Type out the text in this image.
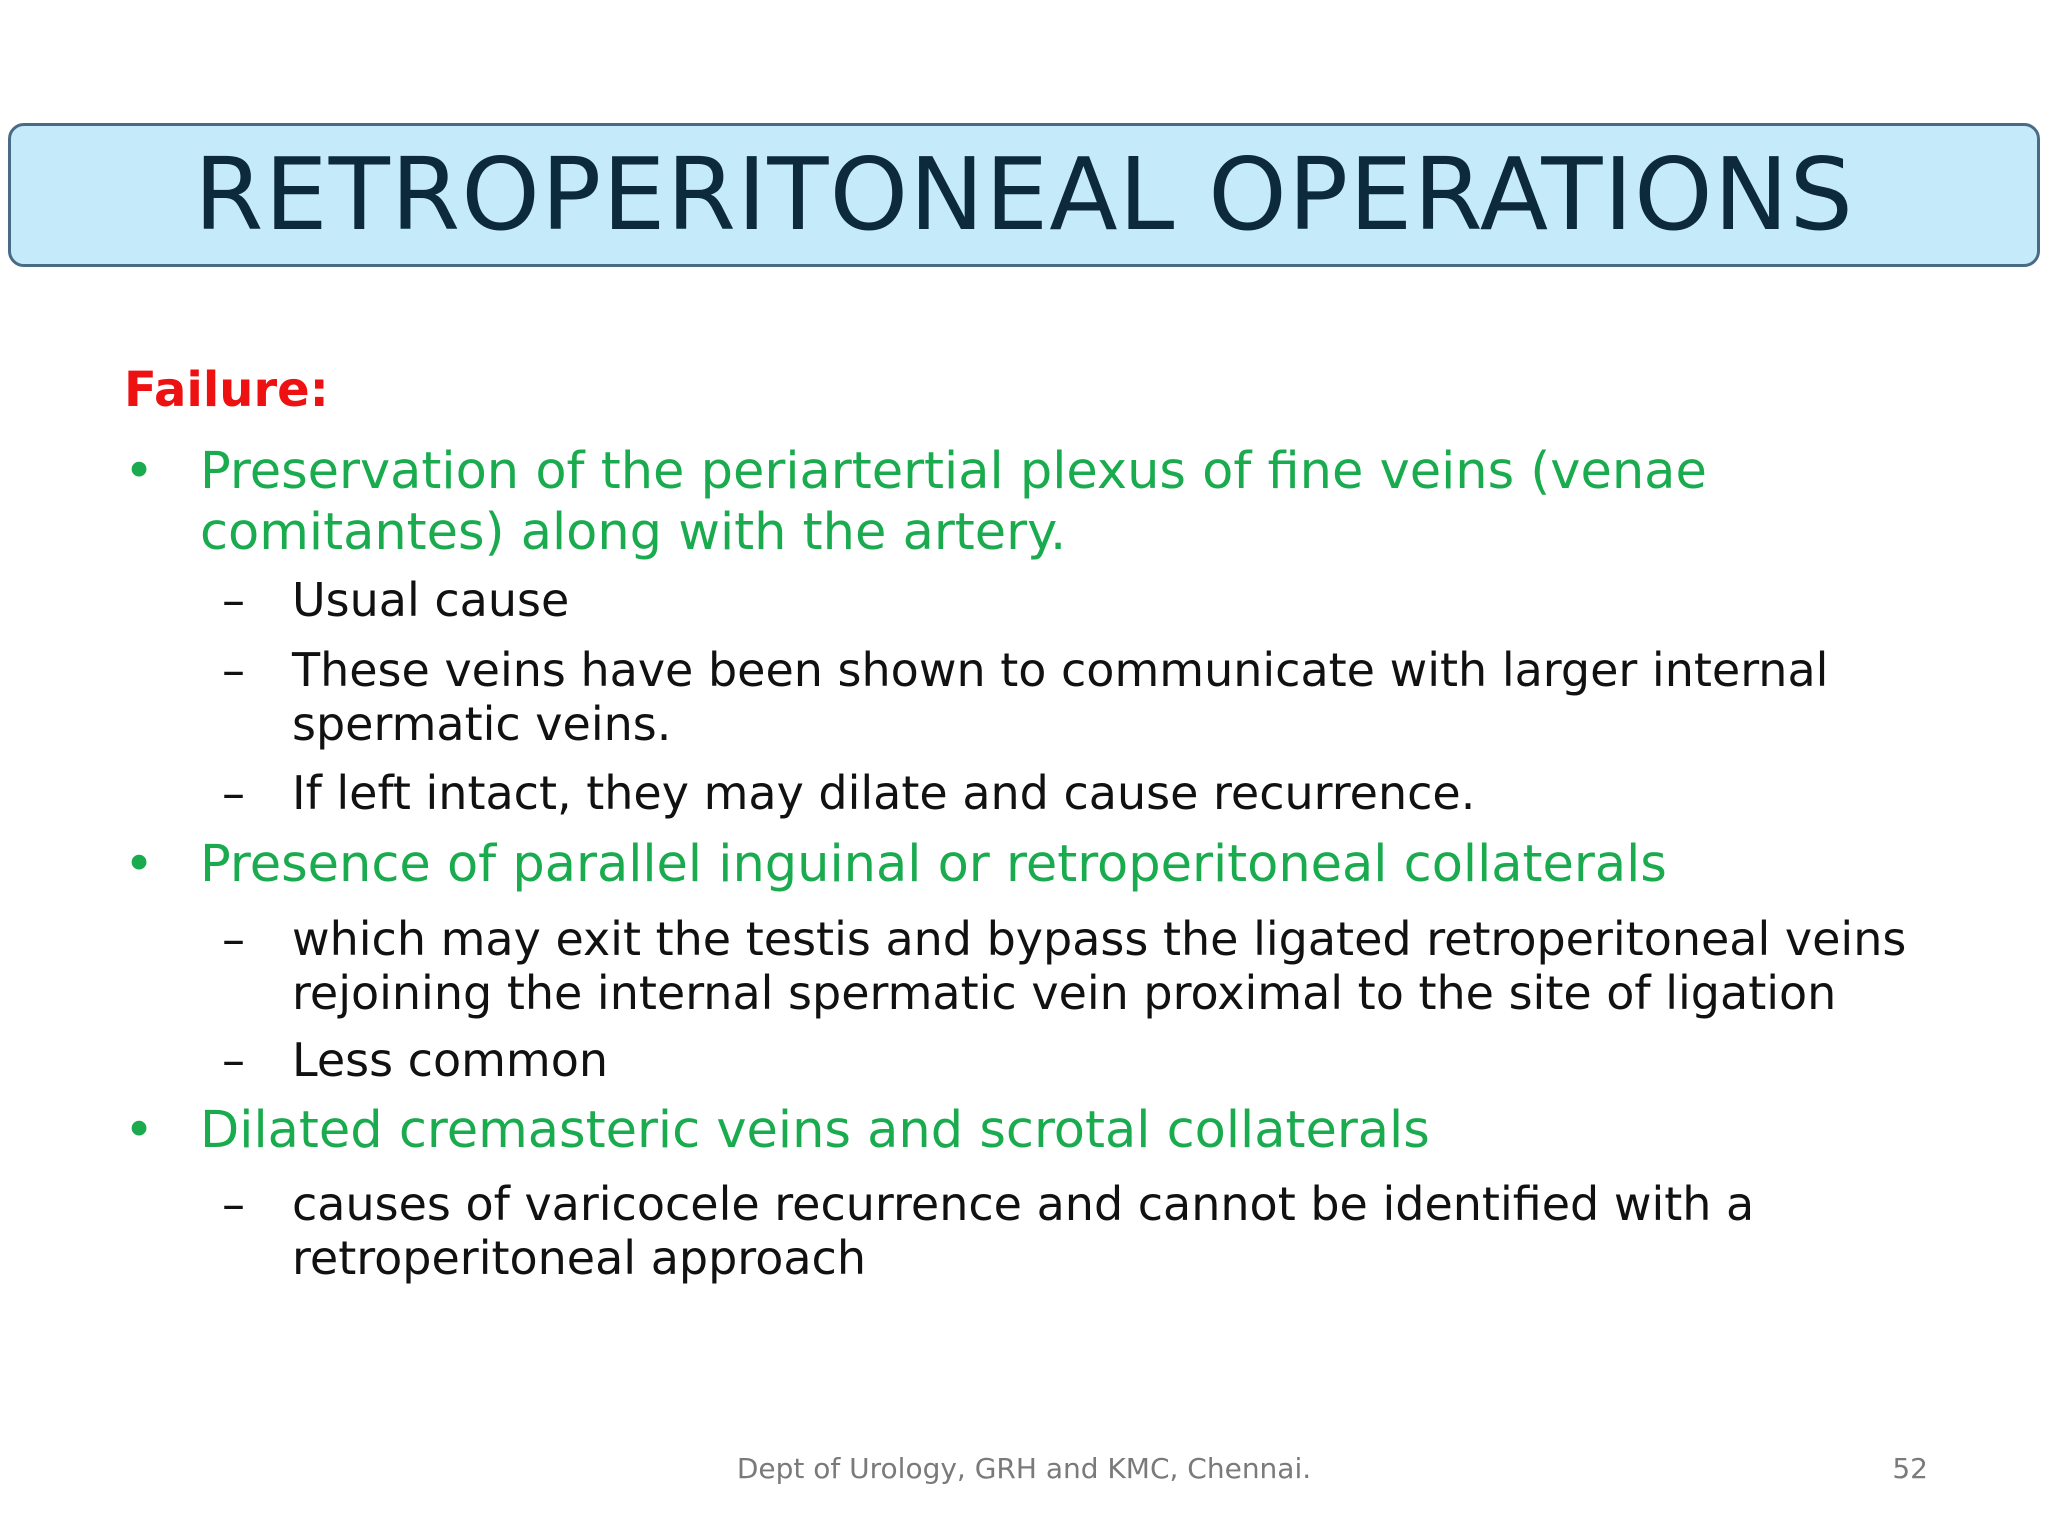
RETROPERITONEAL OPERATIONS
Failure:
• Preservation of the periartertial plexus of fine veins (venae comitantes) along with the artery.
–	Usual cause
–	These veins have been shown to communicate with larger internal spermatic veins.
–	If left intact, they may dilate and cause recurrence.
• Presence of parallel inguinal or retroperitoneal collaterals
–	which may exit the testis and bypass the ligated retroperitoneal veins rejoining the internal spermatic vein proximal to the site of ligation
–	Less common
• Dilated cremasteric veins and scrotal collaterals
–	causes of varicocele recurrence and cannot be identified with a retroperitoneal approach
Dept of Urology, GRH and KMC, Chennai.	52
